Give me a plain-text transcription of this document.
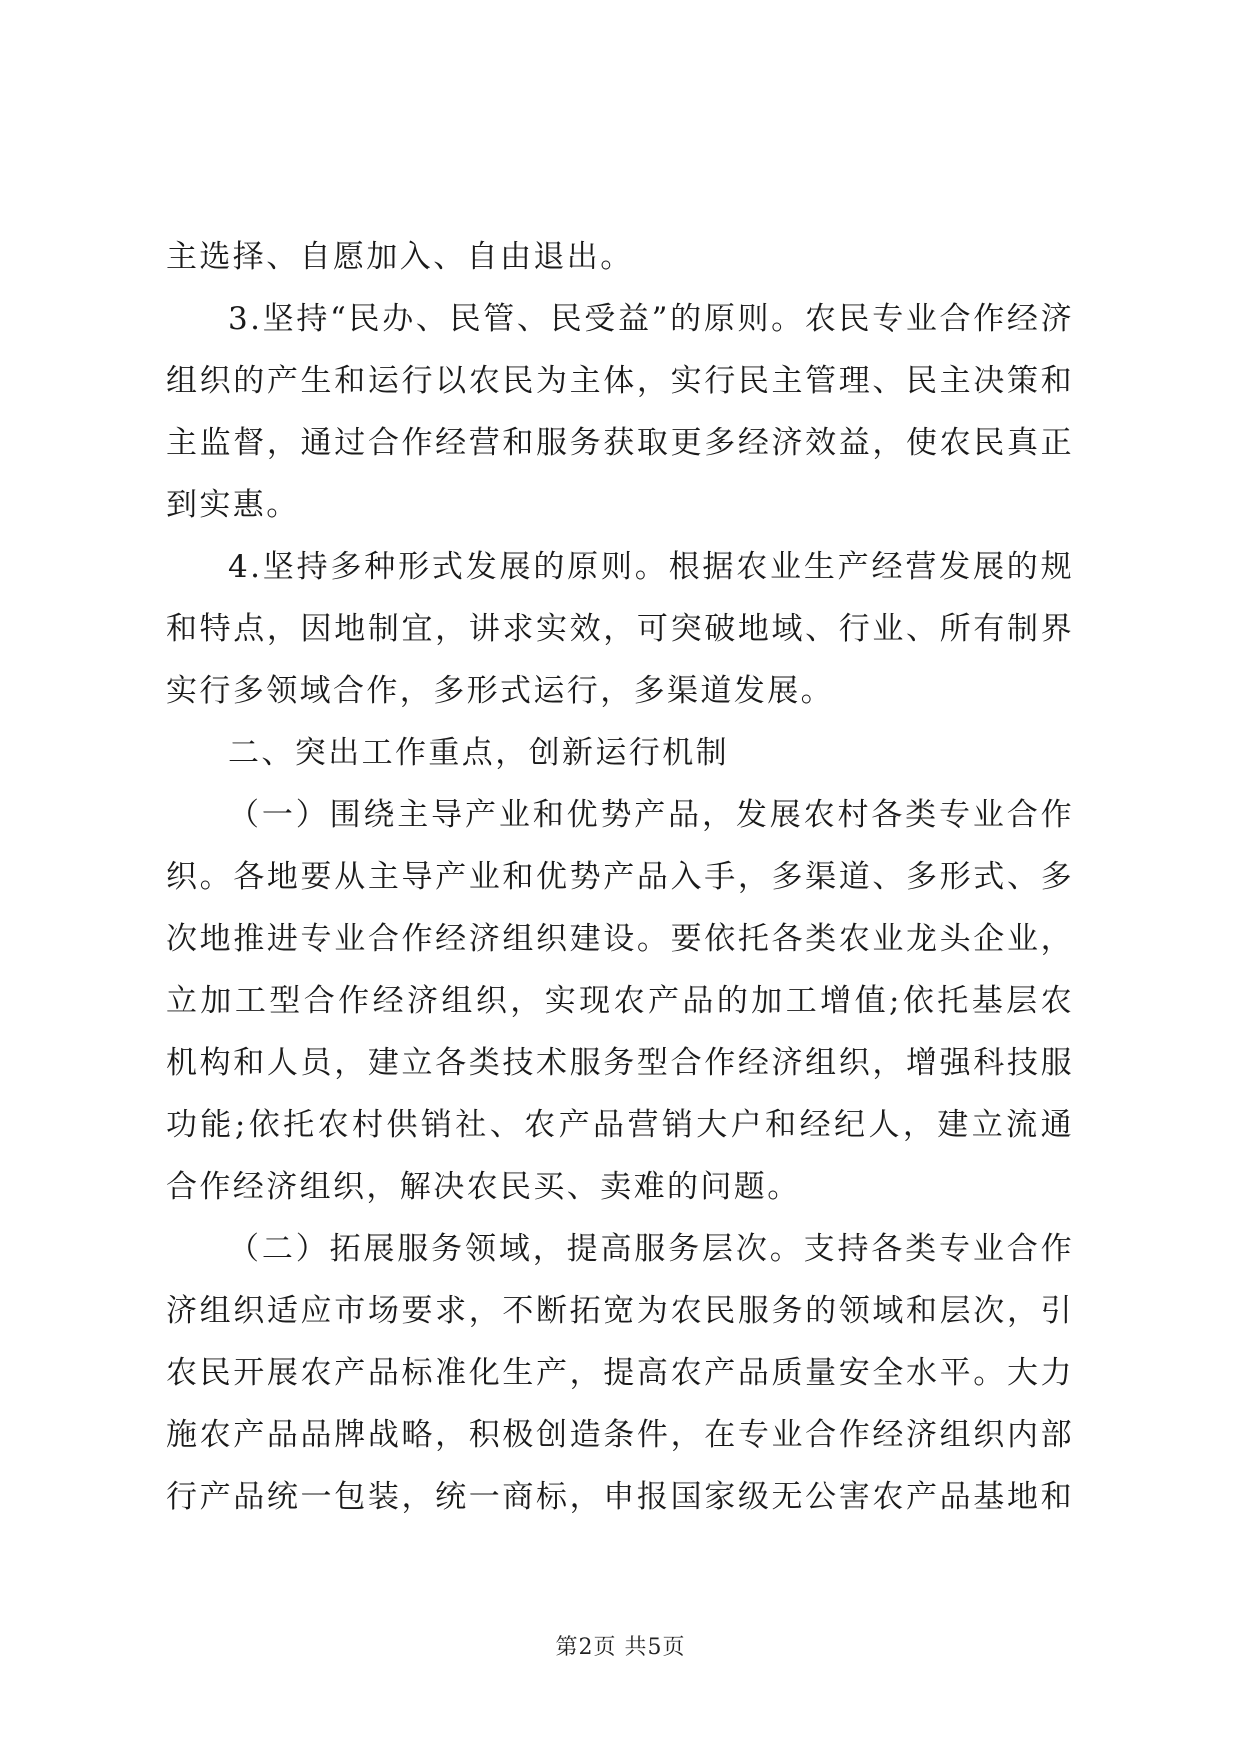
主选择、自愿加入、自由退出。
3.坚持“民办、民管、民受益”的原则。农民专业合作经济
组织的产生和运行以农民为主体，实行民主管理、民主决策和
主监督，通过合作经营和服务获取更多经济效益，使农民真正
到实惠。
4.坚持多种形式发展的原则。根据农业生产经营发展的规
和特点，因地制宜，讲求实效，可突破地域、行业、所有制界
实行多领域合作，多形式运行，多渠道发展。
二、突出工作重点，创新运行机制
（一）围绕主导产业和优势产品，发展农村各类专业合作
织。各地要从主导产业和优势产品入手，多渠道、多形式、多
次地推进专业合作经济组织建设。要依托各类农业龙头企业，
立加工型合作经济组织，实现农产品的加工增值;依托基层农
机构和人员，建立各类技术服务型合作经济组织，增强科技服
功能;依托农村供销社、农产品营销大户和经纪人，建立流通
合作经济组织，解决农民买、卖难的问题。
（二）拓展服务领域，提高服务层次。支持各类专业合作
济组织适应市场要求，不断拓宽为农民服务的领域和层次，引
农民开展农产品标准化生产，提高农产品质量安全水平。大力
施农产品品牌战略，积极创造条件，在专业合作经济组织内部
行产品统一包装，统一商标，申报国家级无公害农产品基地和
第2页 共5页
